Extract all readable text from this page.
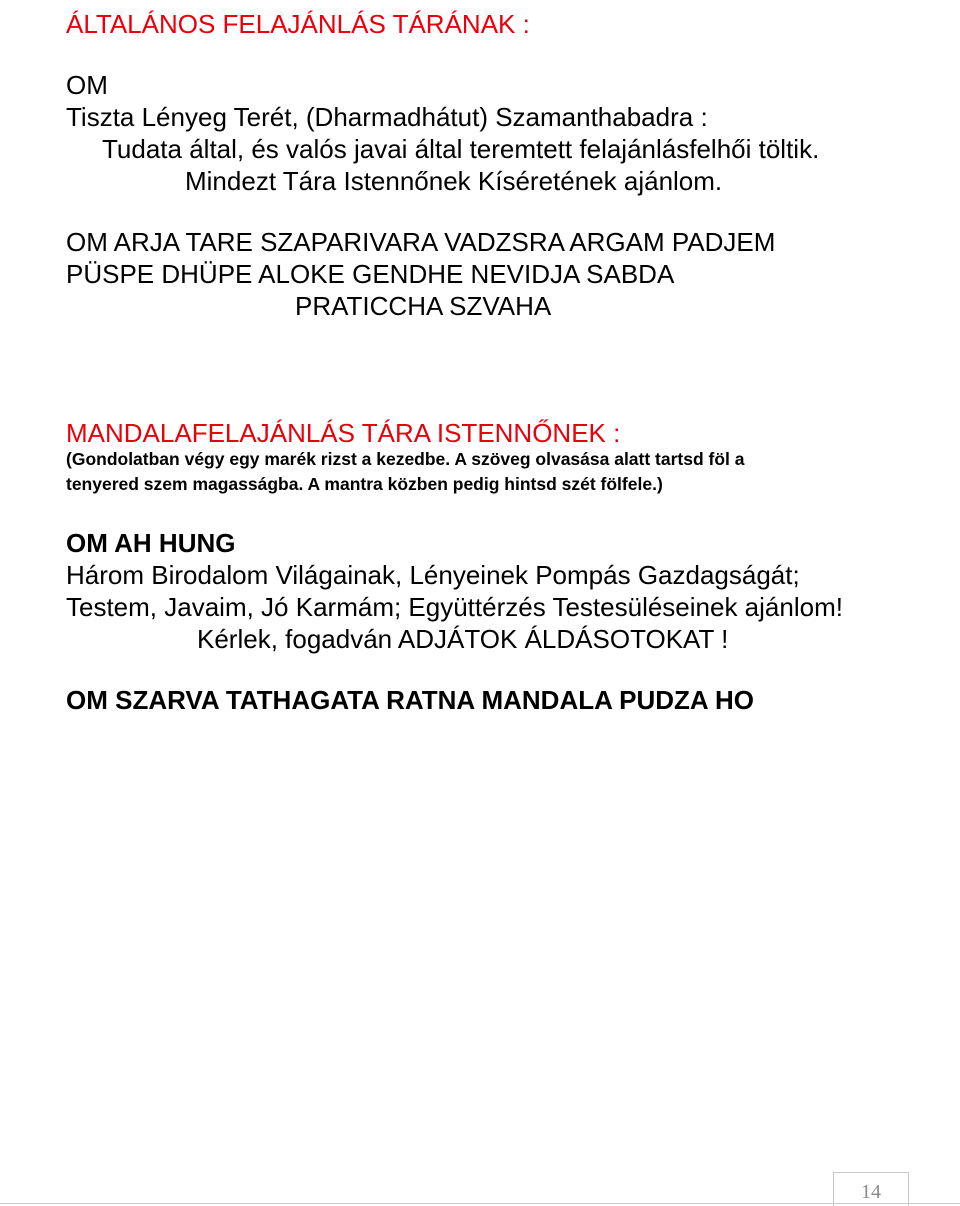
ÁLTALÁNOS FELAJÁNLÁS TÁRÁNAK :

OM

Tiszta Lényeg Terét, (Dharmadhátut) Szamanthabadra :

Tudata által, és valós javai által teremtett felajánlásfelhői töltik.

Mindezt Tára Istennőnek Kíséretének ajánlom.

OM ARJA TARE SZAPARIVARA VADZSRA ARGAM PADJEM

PÜSPE DHÜPE ALOKE GENDHE NEVIDJA SABDA

PRATICCHA SZVAHA

MANDALAFELAJÁNLÁS TÁRA ISTENNŐNEK :

(Gondolatban végy egy marék rizst a kezedbe. A szöveg olvasása alatt tartsd föl a

tenyered szem magasságba. A mantra közben pedig hintsd szét fölfele.)

OM AH HUNG

Három Birodalom Világainak, Lényeinek Pompás Gazdagságát;

Testem, Javaim, Jó Karmám; Együttérzés Testesüléseinek ajánlom!

Kérlek, fogadván ADJÁTOK ÁLDÁSOTOKAT !

OM SZARVA TATHAGATA RATNA MANDALA PUDZA HO

14
